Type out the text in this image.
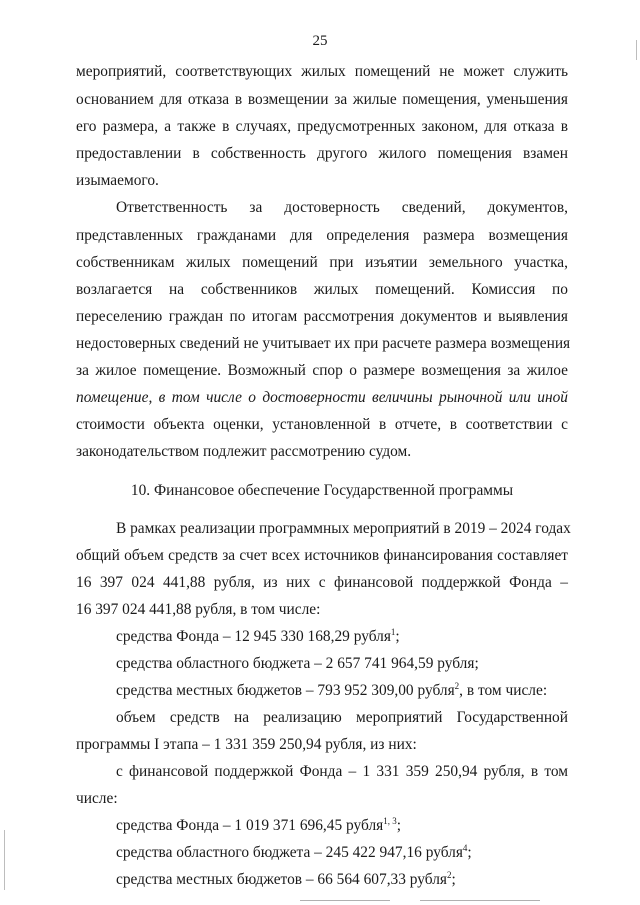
25
мероприятий, соответствующих жилых помещений не может служить
основанием для отказа в возмещении за жилые помещения, уменьшения
его размера, а также в случаях, предусмотренных законом, для отказа в
предоставлении в собственность другого жилого помещения взамен
изымаемого.
Ответственность за достоверность сведений, документов,
представленных гражданами для определения размера возмещения
собственникам жилых помещений при изъятии земельного участка,
возлагается на собственников жилых помещений. Комиссия по
переселению граждан по итогам рассмотрения документов и выявления
недостоверных сведений не учитывает их при расчете размера возмещения
за жилое помещение. Возможный спор о размере возмещения за жилое
помещение, в том числе о достоверности величины рыночной или иной
стоимости объекта оценки, установленной в отчете, в соответствии с
законодательством подлежит рассмотрению судом.
10. Финансовое обеспечение Государственной программы
В рамках реализации программных мероприятий в 2019 – 2024 годах
общий объем средств за счет всех источников финансирования составляет
16 397 024 441,88 рубля, из них с финансовой поддержкой Фонда –
16 397 024 441,88 рубля, в том числе:
средства Фонда – 12 945 330 168,29 рубля$^1$;
средства областного бюджета – 2 657 741 964,59 рубля;
средства местных бюджетов – 793 952 309,00 рубля$^2$, в том числе:
объем средств на реализацию мероприятий Государственной
программы I этапа – 1 331 359 250,94 рубля, из них:
с финансовой поддержкой Фонда – 1 331 359 250,94 рубля, в том
числе:
средства Фонда – 1 019 371 696,45 рубля$^{1, 3}$;
средства областного бюджета – 245 422 947,16 рубля$^4$;
средства местных бюджетов – 66 564 607,33 рубля$^2$;
